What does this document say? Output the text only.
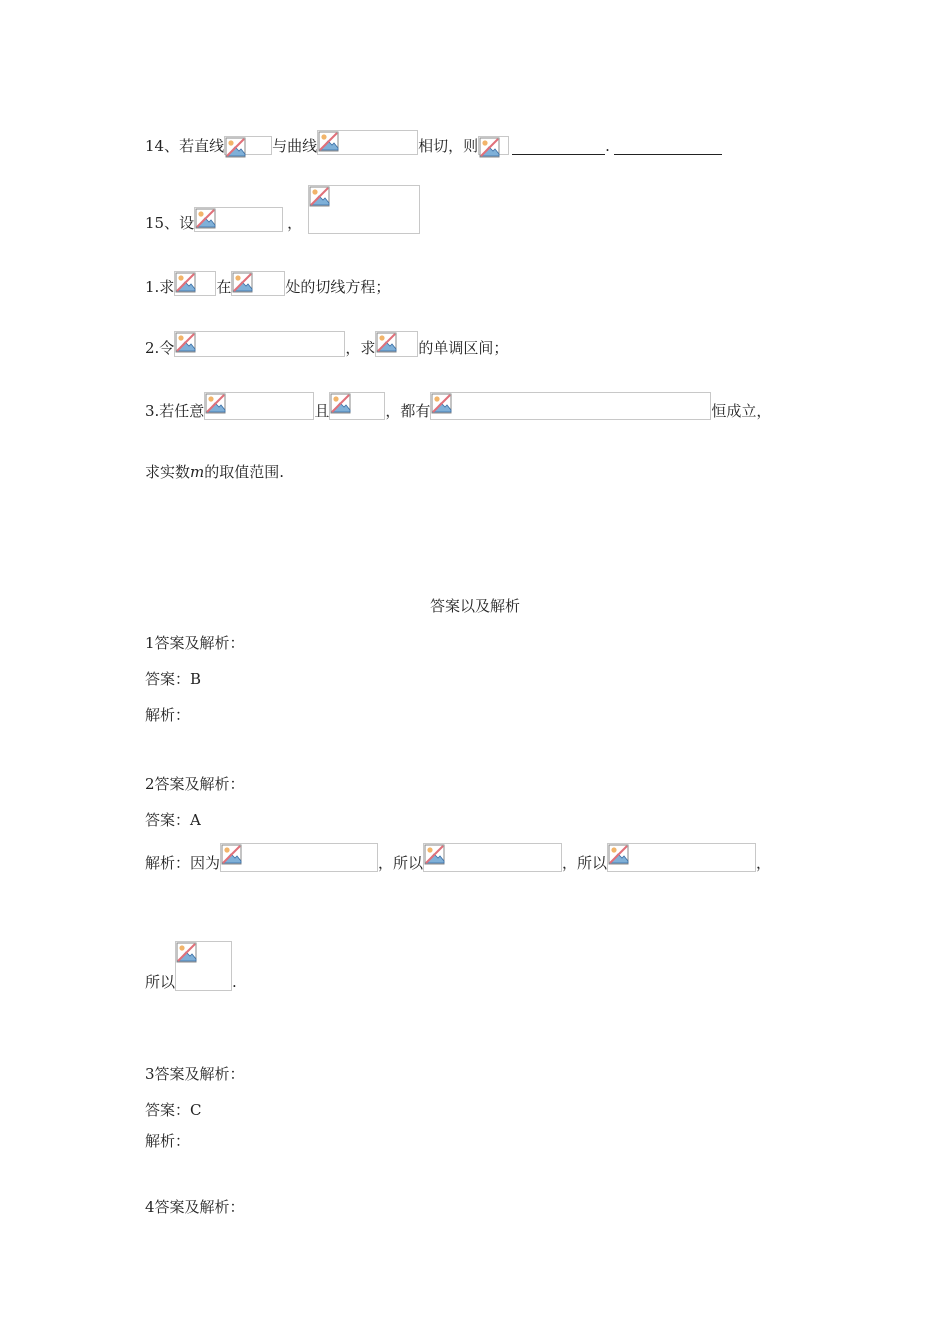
14、若直线	与曲线	相切，则	.
15、设	，
1.求	在	处的切线方程；
2.令	，求	的单调区间；
3.若任意	且	，都有	恒成立，
求实数 m 的取值范围.
答案以及解析
1答案及解析：
答案：B
解析：
2答案及解析：
答案：A
解析：因为	，所以	，所以	，
所以	.
3答案及解析：
答案：C
解析：
4答案及解析：
